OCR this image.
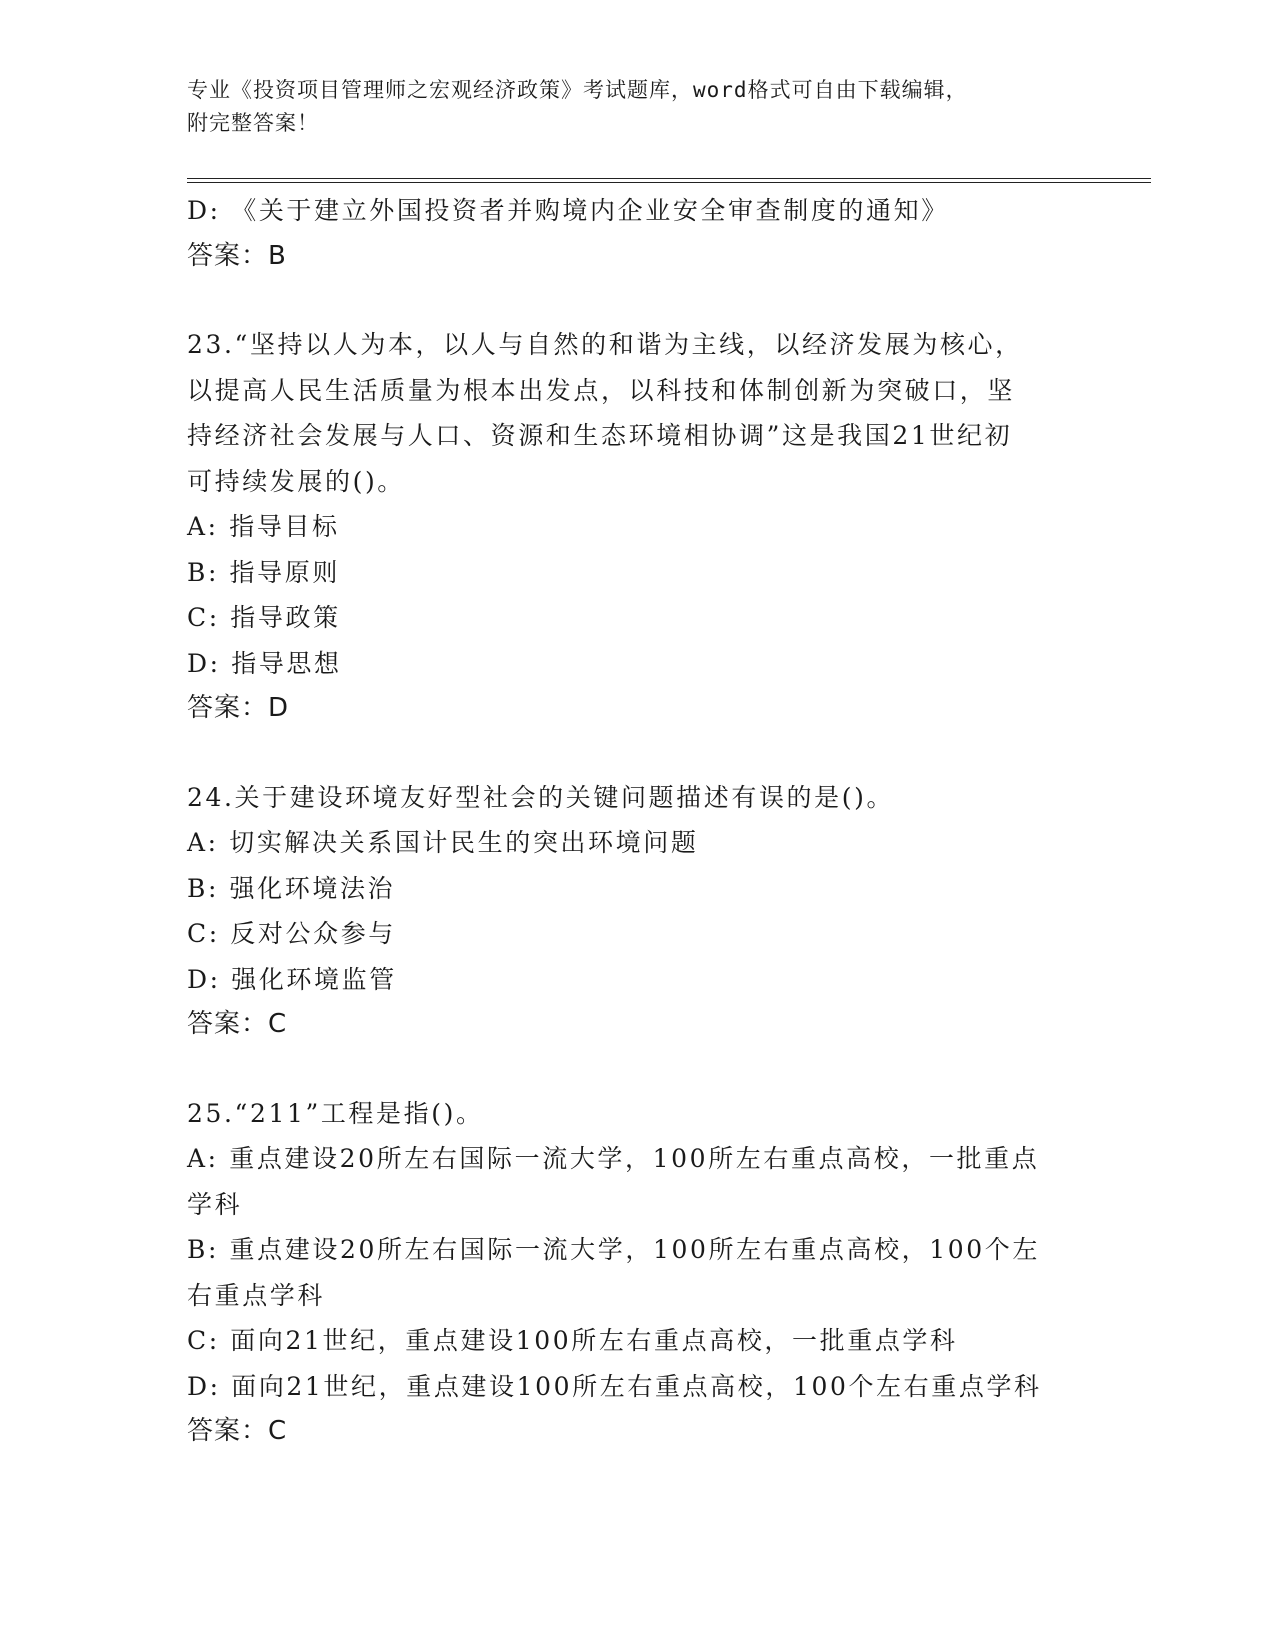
专业《投资项目管理师之宏观经济政策》考试题库，word格式可自由下载编辑，
附完整答案！
D: 《关于建立外国投资者并购境内企业安全审查制度的通知》
答案：B
23.“坚持以人为本，以人与自然的和谐为主线，以经济发展为核心，
以提高人民生活质量为根本出发点，以科技和体制创新为突破口，坚
持经济社会发展与人口、资源和生态环境相协调”这是我国21世纪初
可持续发展的()。
A: 指导目标
B: 指导原则
C: 指导政策
D: 指导思想
答案：D
24.关于建设环境友好型社会的关键问题描述有误的是()。
A: 切实解决关系国计民生的突出环境问题
B: 强化环境法治
C: 反对公众参与
D: 强化环境监管
答案：C
25.“211”工程是指()。
A: 重点建设20所左右国际一流大学，100所左右重点高校，一批重点
学科
B: 重点建设20所左右国际一流大学，100所左右重点高校，100个左
右重点学科
C: 面向21世纪，重点建设100所左右重点高校，一批重点学科
D: 面向21世纪，重点建设100所左右重点高校，100个左右重点学科
答案：C
